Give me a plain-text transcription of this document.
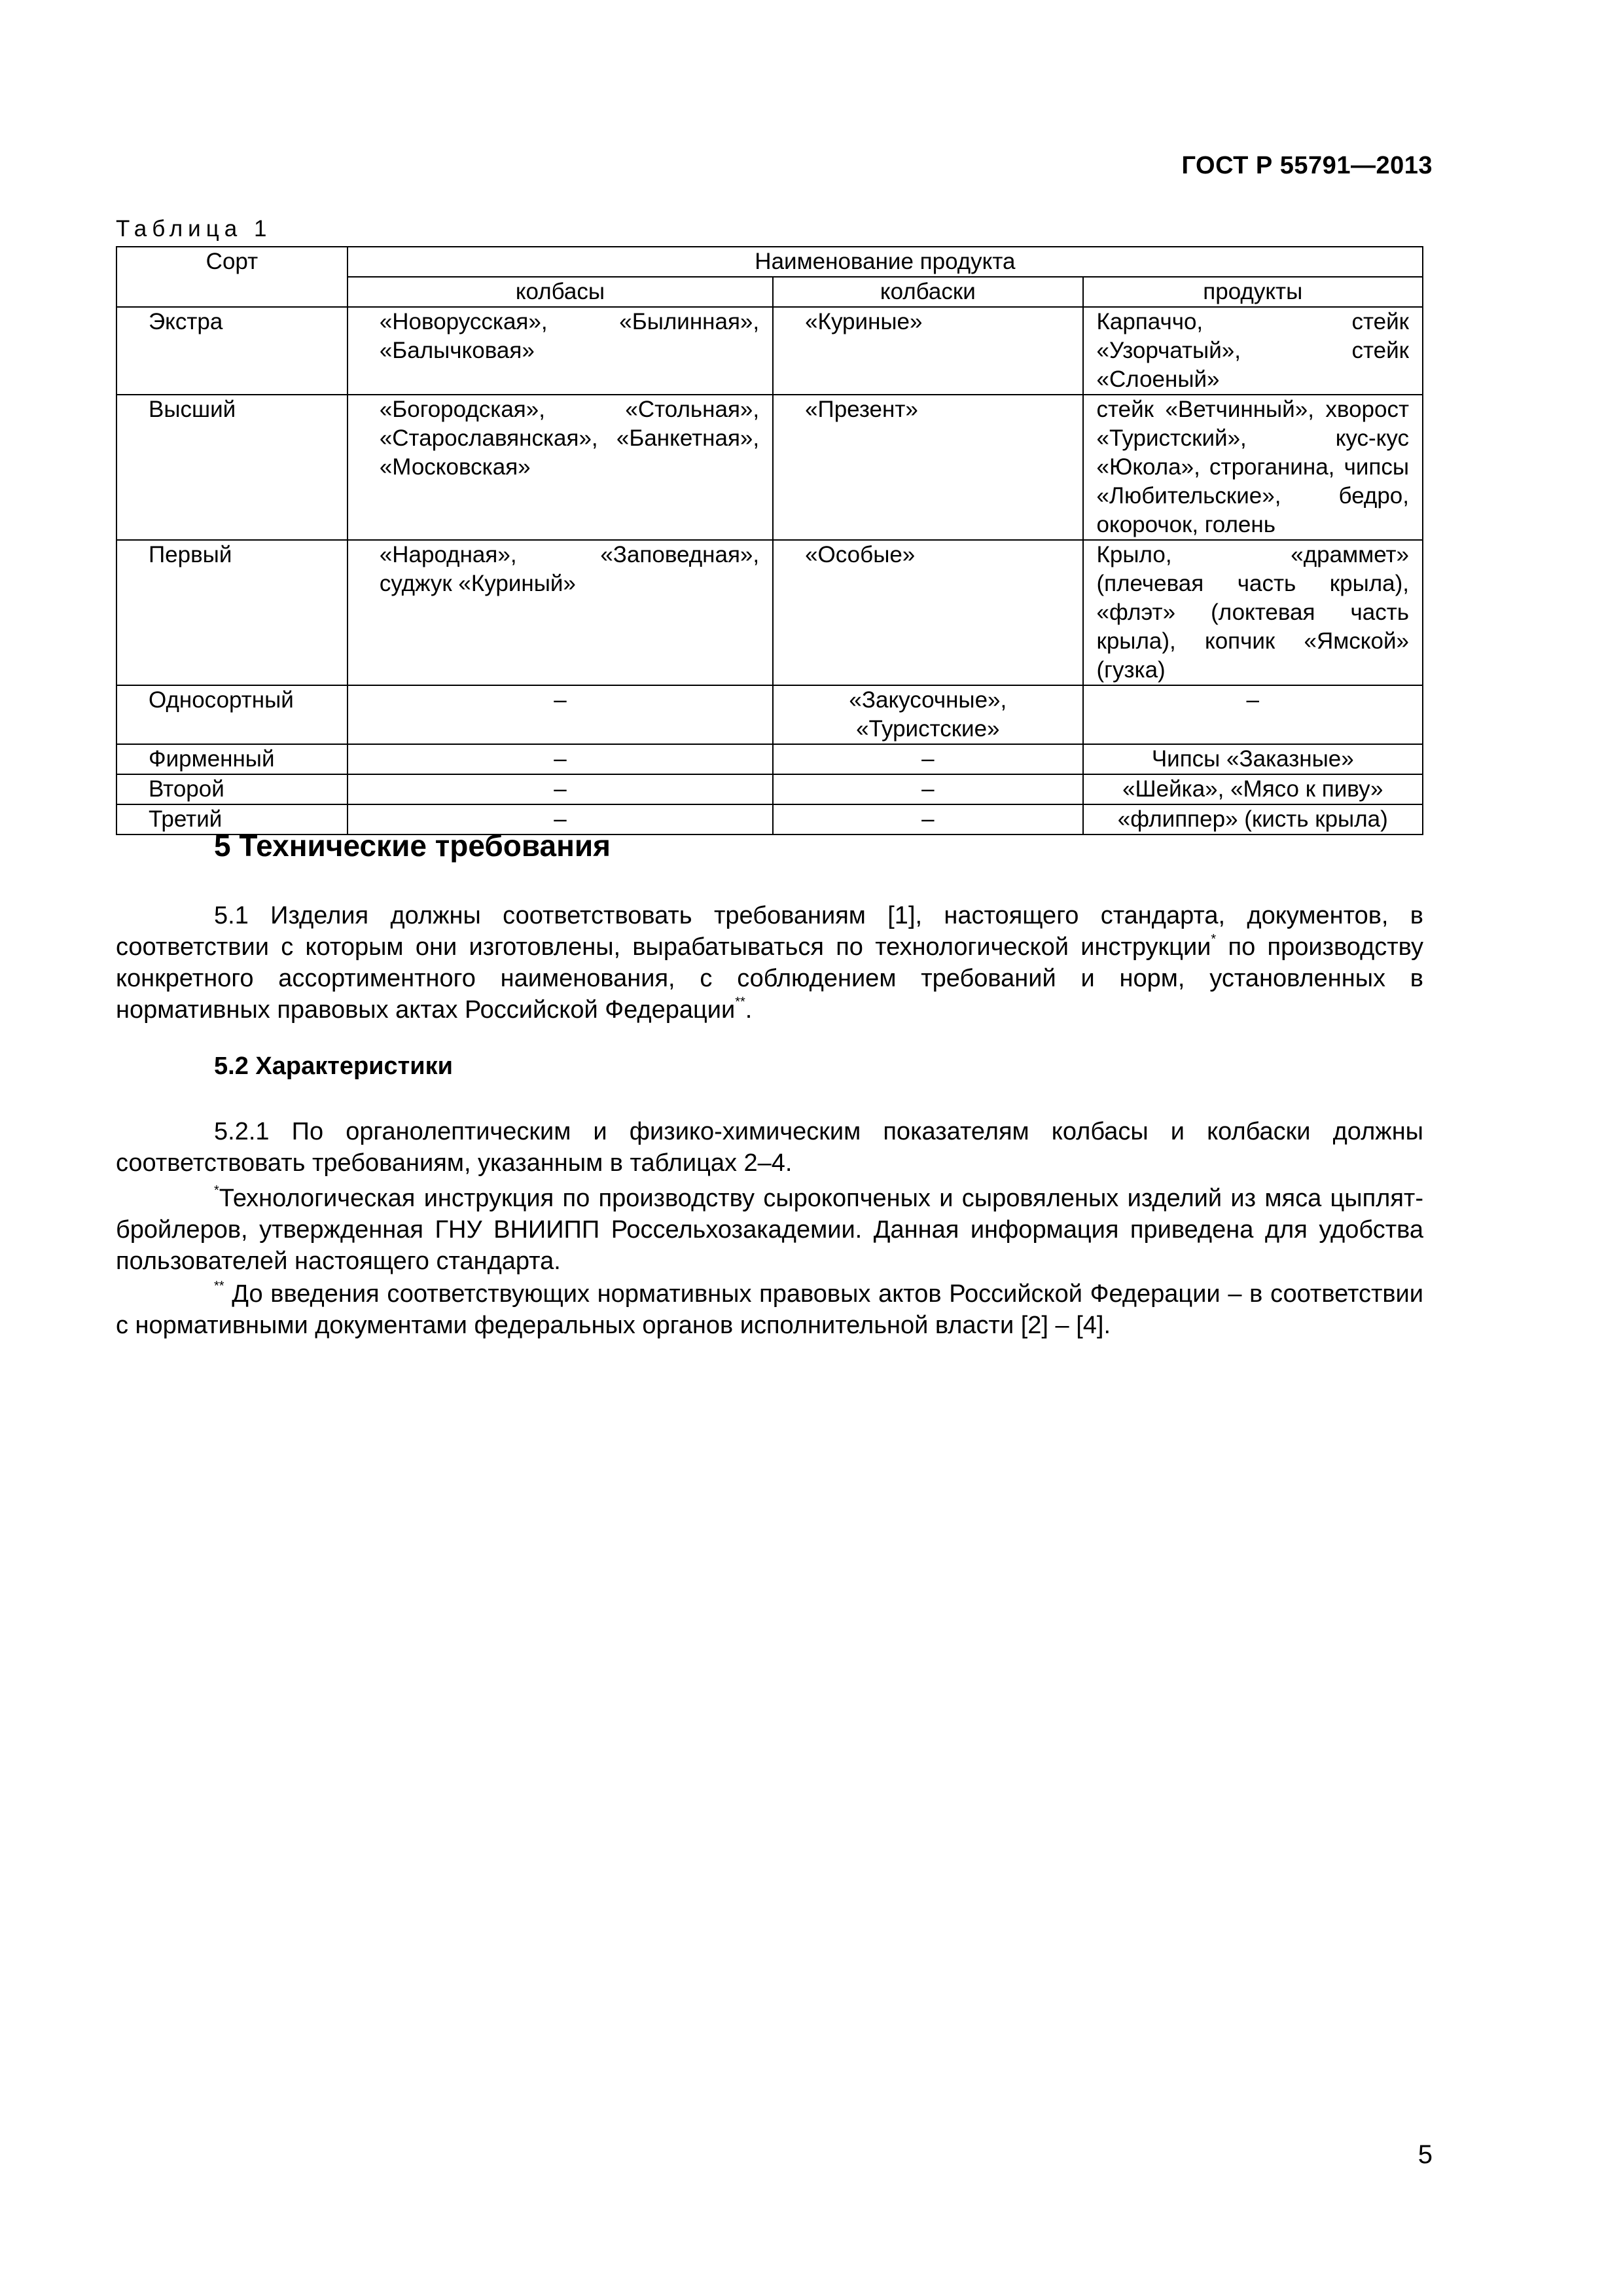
ГОСТ Р 55791—2013
Таблица 1
Сорт	Наименование продукта		
	колбасы	колбаски	продукты
Экстра	«Новорусская», «Былинная», «Балычковая»	«Куриные»	Карпаччо, стейк «Узорчатый», стейк «Слоеный»
Высший	«Богородская», «Стольная», «Старославянская», «Банкетная», «Московская»	«Презент»	стейк «Ветчинный», хворост «Туристский», кус-кус «Юкола», строганина, чипсы «Любительские», бедро, окорочок, голень
Первый	«Народная», «Заповедная», суджук «Куриный»	«Особые»	Крыло, «драммет» (плечевая часть крыла), «флэт» (локтевая часть крыла), копчик «Ямской» (гузка)
Односортный	–	«Закусочные», «Туристские»	–
Фирменный	–	–	Чипсы «Заказные»
Второй	–	–	«Шейка», «Мясо к пиву»
Третий	–	–	«флиппер» (кисть крыла)
5 Технические требования
5.1 Изделия должны соответствовать требованиям [1], настоящего стандарта, документов, в соответствии с которым они изготовлены, вырабатываться по технологической инструкции* по производству конкретного ассортиментного наименования, с соблюдением требований и норм, установленных в нормативных правовых актах Российской Федерации**.
5.2 Характеристики
5.2.1 По органолептическим и физико-химическим показателям колбасы и колбаски должны соответствовать требованиям, указанным в таблицах 2–4.
*Технологическая инструкция по производству сырокопченых и сыровяленых изделий из мяса цыплят-бройлеров, утвержденная ГНУ ВНИИПП Россельхозакадемии. Данная информация приведена для удобства пользователей настоящего стандарта.
** До введения соответствующих нормативных правовых актов Российской Федерации – в соответствии с нормативными документами федеральных органов исполнительной власти [2] – [4].
5
